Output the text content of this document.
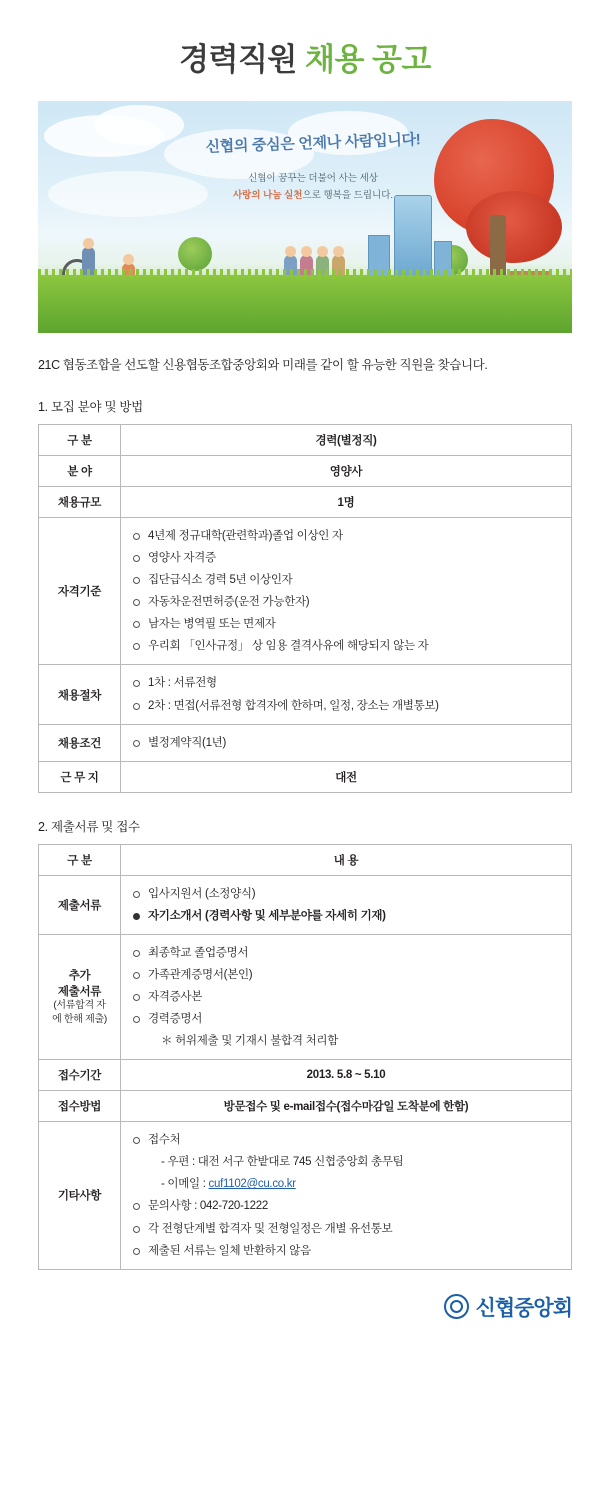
경력직원 채용 공고
신협의 중심은 언제나 사람입니다!
신협이 꿈꾸는 더불어 사는 세상
사랑의 나눔 실천으로 행복을 드립니다.
21C 협동조합을 선도할 신용협동조합중앙회와 미래를 같이 할 유능한 직원을 찾습니다.
1. 모집 분야 및 방법
구 분	경력(별정직)
분 야	영양사
채용규모	1명
자격기준	
4년제 정규대학(관련학과)졸업 이상인 자
영양사 자격증
집단급식소 경력 5년 이상인자
자동차운전면허증(운전 가능한자)
남자는 병역필 또는 면제자
우리회 「인사규정」 상 임용 결격사유에 해당되지 않는 자

채용절차	
1차 : 서류전형
2차 : 면접(서류전형 합격자에 한하며, 일정, 장소는 개별통보)

채용조건	별정계약직(1년)

근 무 지	대전
2. 제출서류 및 접수
구 분	내 용
제출서류	
입사지원서 (소정양식)
자기소개서 (경력사항 및 세부분야를 자세히 기재)

추가
제출서류
(서류합격 자에 한해 제출)

최종학교 졸업증명서
가족관계증명서(본인)
자격증사본
경력증명서
＊ 허위제출 및 기재시 불합격 처리함

접수기간	2013. 5.8 ~ 5.10
접수방법	방문접수 및 e-mail접수(접수마감일 도착분에 한함)
기타사항	
접수처
- 우편 : 대전 서구 한밭대로 745 신협중앙회 총무팀
- 이메일 : cuf1102@cu.co.kr
문의사항 : 042-720-1222
각 전형단계별 합격자 및 전형일정은 개별 유선통보
제출된 서류는 일체 반환하지 않음
신협중앙회
